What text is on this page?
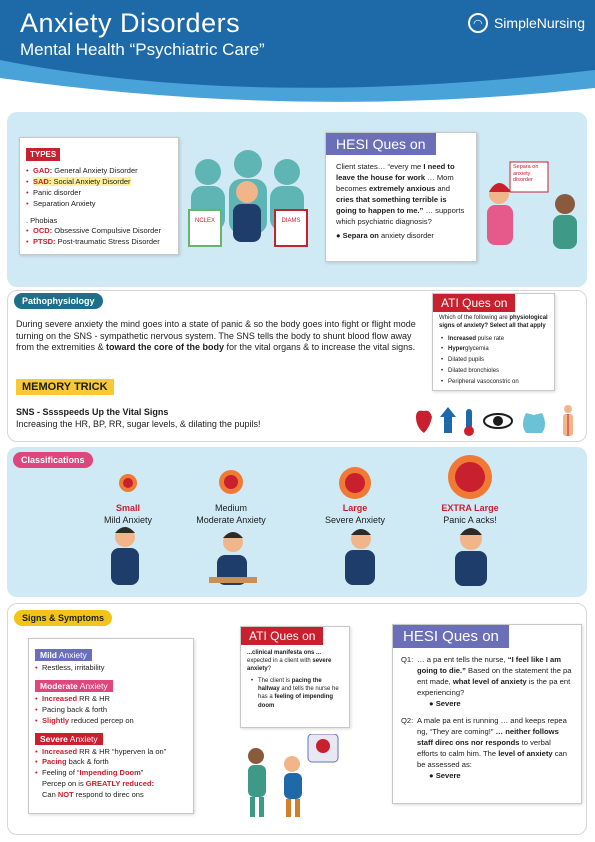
Anxiety Disorders
Mental Health “Psychiatric Care”
◠ SimpleNursing
TYPES
• GAD: General Anxiety Disorder
• SAD: Social Anxiety Disorder
• Panic disorder
• Separation Anxiety
. Phobias
• OCD: Obsessive Compulsive Disorder
• PTSD: Post-traumatic Stress Disorder
NCLEX	DIAMS
HESI Ques on
Client states… “every me I need to leave the house for work … Mom becomes extremely anxious and cries that something terrible is going to happen to me.” … supports which psychiatric diagnosis?
● Separa on anxiety disorder
Separa on anxiety disorder
Pathophysiology
During severe anxiety the mind goes into a state of panic & so the body goes into fight or flight mode turning on the SNS - sympathetic nervous system. The SNS tells the body to shunt blood flow away from the extremities & toward the core of the body for the vital organs & to increase the vital signs.
MEMORY TRICK
SNS - Sssspeeds Up the Vital Signs
Increasing the HR, BP, RR, sugar levels, & dilating the pupils!
ATI Ques on
Which of the following are physiological signs of anxiety? Select all that apply
• Increased pulse rate
• Hyperglycemia
• Dilated pupils
• Dilated bronchioles
• Peripheral vasoconstric on
Classifications
Small
Mild Anxiety
Medium
Moderate Anxiety
Large
Severe Anxiety
EXTRA Large
Panic A acks!
Signs & Symptoms
Mild Anxiety
• Restless, irritability
Moderate Anxiety
• Increased RR & HR
• Pacing back & forth
• Slightly reduced percep on
Severe Anxiety
• Increased RR & HR “hyperven la on”
• Pacing back & forth
• Feeling of “Impending Doom”
Percep on is GREATLY reduced:
Can NOT respond to direc ons
ATI Ques on
...clinical manifesta ons ... expected in a client with severe anxiety?
• The client is pacing the hallway and tells the nurse he has a feeling of impending doom
HESI Ques on
Q1: … a pa ent tells the nurse, “I feel like I am going to die.” Based on the statement the pa ent made, what level of anxiety is the pa ent experiencing?
● Severe
Q2: A male pa ent is running … and keeps repea ng, “They are coming!” … neither follows staff direc ons nor responds to verbal efforts to calm him. The level of anxiety can be assessed as:
● Severe
